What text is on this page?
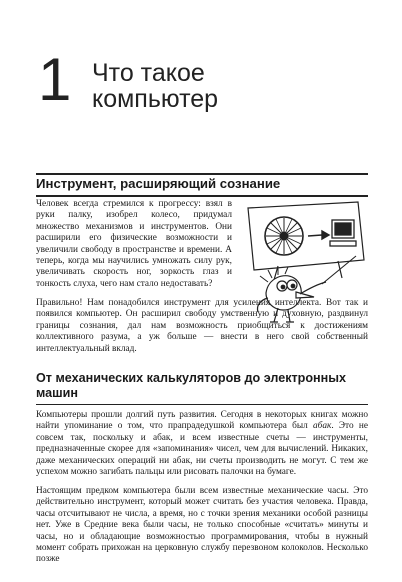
1 Что такое компьютер
Инструмент, расширяющий сознание

Человек всегда стремился к прогрессу: взял в руки палку, изобрел колесо, придумал множество механизмов и инструментов. Они расширили его физические возможности и увеличили свободу в пространстве и времени. А теперь, когда мы научились умножать силу рук, увеличивать скорость ног, зоркость глаз и тонкость слуха, чего нам стало недоставать?

Правильно! Нам понадобился инструмент для усиления интеллекта. Вот так и появился компьютер. Он расширил свободу умственную и духовную, раздвинул границы сознания, дал нам возможность приобщиться к достижениям коллективного разума, а уж больше — внести в него свой собственный интеллектуальный вклад.

От механических калькуляторов до электронных машин

Компьютеры прошли долгий путь развития. Сегодня в некоторых книгах можно найти упоминание о том, что прапрадедушкой компьютера был абак. Это не совсем так, поскольку и абак, и всем известные счеты — инструменты, предназначенные скорее для «запоминания» чисел, чем для вычислений. Никаких, даже механических операций ни абак, ни счеты производить не могут. С тем же успехом можно загибать пальцы или рисовать палочки на бумаге.

Настоящим предком компьютера были всем известные механические часы. Это действительно инструмент, который может считать без участия человека. Правда, часы отсчитывают не числа, а время, но с точки зрения механики особой разницы нет. Уже в Средние века были часы, не только способные «считать» минуты и часы, но и обладающие возможностью программирования, чтобы в нужный момент собрать прихожан на церковную службу перезвоном колоколов. Несколько позже
